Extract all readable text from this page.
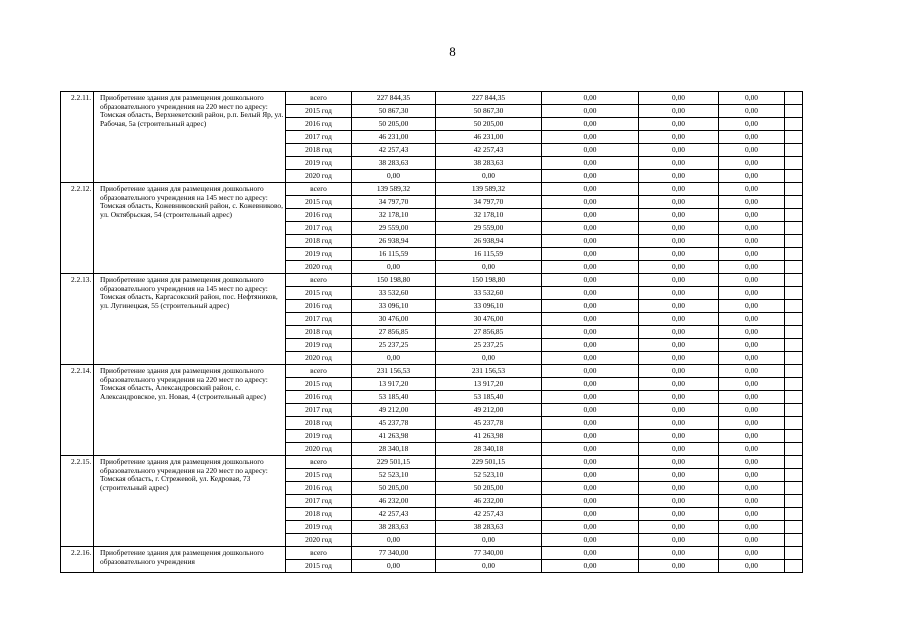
8
2.2.11.	Приобретение здания для размещения дошкольного образовательного учреждения на 220 мест по адресу: Томская область, Верхнекетский район, р.п. Белый Яр, ул. Рабочая, 5а (строительный адрес)	всего	227 844,35	227 844,35	0,00	0,00	0,00	
		2015 год	50 867,30	50 867,30	0,00	0,00	0,00	
		2016 год	50 205,00	50 205,00	0,00	0,00	0,00	
		2017 год	46 231,00	46 231,00	0,00	0,00	0,00	
		2018 год	42 257,43	42 257,43	0,00	0,00	0,00	
		2019 год	38 283,63	38 283,63	0,00	0,00	0,00	
		2020 год	0,00	0,00	0,00	0,00	0,00	
2.2.12.	Приобретение здания для размещения дошкольного образовательного учреждения на 145 мест по адресу: Томская область, Кожевниковский район, с. Кожевниково, ул. Октябрьская, 54 (строительный адрес)	всего	139 589,32	139 589,32	0,00	0,00	0,00	
		2015 год	34 797,70	34 797,70	0,00	0,00	0,00	
		2016 год	32 178,10	32 178,10	0,00	0,00	0,00	
		2017 год	29 559,00	29 559,00	0,00	0,00	0,00	
		2018 год	26 938,94	26 938,94	0,00	0,00	0,00	
		2019 год	16 115,59	16 115,59	0,00	0,00	0,00	
		2020 год	0,00	0,00	0,00	0,00	0,00	
2.2.13.	Приобретение здания для размещения дошкольного образовательного учреждения на 145 мест по адресу: Томская область, Каргасокский район, пос. Нефтяников, ул. Лугинецкая, 55 (строительный адрес)	всего	150 198,80	150 198,80	0,00	0,00	0,00	
		2015 год	33 532,60	33 532,60	0,00	0,00	0,00	
		2016 год	33 096,10	33 096,10	0,00	0,00	0,00	
		2017 год	30 476,00	30 476,00	0,00	0,00	0,00	
		2018 год	27 856,85	27 856,85	0,00	0,00	0,00	
		2019 год	25 237,25	25 237,25	0,00	0,00	0,00	
		2020 год	0,00	0,00	0,00	0,00	0,00	
2.2.14.	Приобретение здания для размещения дошкольного образовательного учреждения на 220 мест по адресу: Томская область, Александровский район, с. Александровское, ул. Новая, 4 (строительный адрес)	всего	231 156,53	231 156,53	0,00	0,00	0,00	
		2015 год	13 917,20	13 917,20	0,00	0,00	0,00	
		2016 год	53 185,40	53 185,40	0,00	0,00	0,00	
		2017 год	49 212,00	49 212,00	0,00	0,00	0,00	
		2018 год	45 237,78	45 237,78	0,00	0,00	0,00	
		2019 год	41 263,98	41 263,98	0,00	0,00	0,00	
		2020 год	28 340,18	28 340,18	0,00	0,00	0,00	
2.2.15.	Приобретение здания для размещения дошкольного образовательного учреждения на 220 мест по адресу: Томская область, г. Стрежевой, ул. Кедровая, 73 (строительный адрес)	всего	229 501,15	229 501,15	0,00	0,00	0,00	
		2015 год	52 523,10	52 523,10	0,00	0,00	0,00	
		2016 год	50 205,00	50 205,00	0,00	0,00	0,00	
		2017 год	46 232,00	46 232,00	0,00	0,00	0,00	
		2018 год	42 257,43	42 257,43	0,00	0,00	0,00	
		2019 год	38 283,63	38 283,63	0,00	0,00	0,00	
		2020 год	0,00	0,00	0,00	0,00	0,00	
2.2.16.	Приобретение здания для размещения дошкольного образовательного учреждения	всего	77 340,00	77 340,00	0,00	0,00	0,00	
		2015 год	0,00	0,00	0,00	0,00	0,00	
